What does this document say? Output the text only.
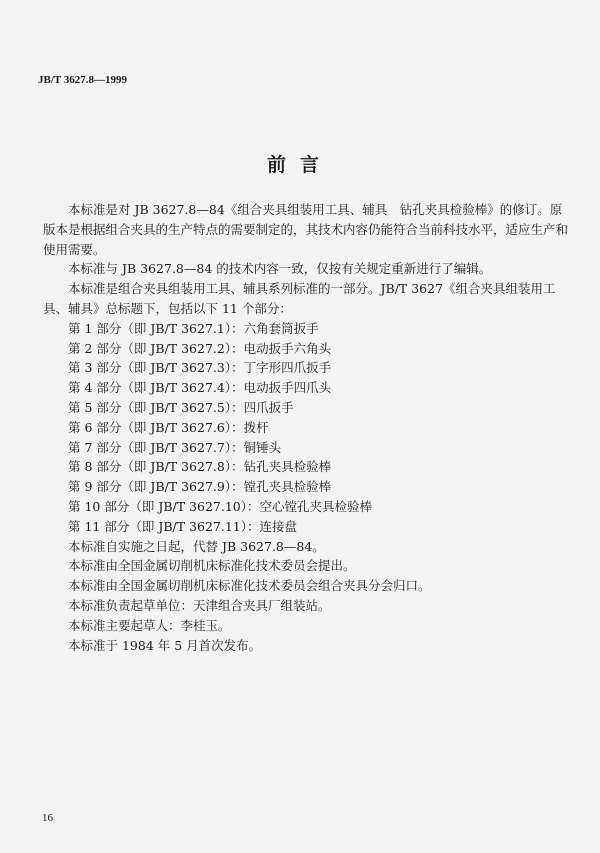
JB/T 3627.8—1999
前言

本标准是对 JB 3627.8—84《组合夹具组装用工具、辅具　钻孔夹具检验棒》的修订。原版本是根据组合夹具的生产特点的需要制定的，其技术内容仍能符合当前科技水平，适应生产和使用需要。

本标准与 JB 3627.8—84 的技术内容一致，仅按有关规定重新进行了编辑。

本标准是组合夹具组装用工具、辅具系列标准的一部分。JB/T 3627《组合夹具组装用工具、辅具》总标题下，包括以下 11 个部分：

第 1 部分（即 JB/T 3627.1）：六角套筒扳手

第 2 部分（即 JB/T 3627.2）：电动扳手六角头

第 3 部分（即 JB/T 3627.3）：丁字形四爪扳手

第 4 部分（即 JB/T 3627.4）：电动扳手四爪头

第 5 部分（即 JB/T 3627.5）：四爪扳手

第 6 部分（即 JB/T 3627.6）：拨杆

第 7 部分（即 JB/T 3627.7）：铜锤头

第 8 部分（即 JB/T 3627.8）：钻孔夹具检验棒

第 9 部分（即 JB/T 3627.9）：镗孔夹具检验棒

第 10 部分（即 JB/T 3627.10）：空心镗孔夹具检验棒

第 11 部分（即 JB/T 3627.11）：连接盘

本标准自实施之日起，代替 JB 3627.8—84。

本标准由全国金属切削机床标准化技术委员会提出。

本标准由全国金属切削机床标准化技术委员会组合夹具分会归口。

本标准负责起草单位：天津组合夹具厂组装站。

本标准主要起草人：李桂玉。

本标准于 1984 年 5 月首次发布。

16
